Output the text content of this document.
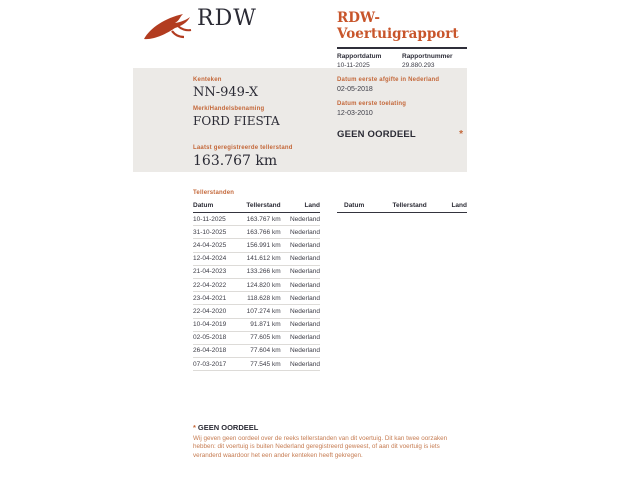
RDW	RDW-Voertuigrapport
Rapportdatum
10-11-2025
Rapportnummer
29.880.293
Kenteken
NN-949-X
Merk/Handelsbenaming
FORD FIESTA
Datum eerste afgifte in Nederland
02-05-2018
Datum eerste toelating
12-03-2010
GEEN OORDEEL	*
Laatst geregistreerde tellerstand
163.767 km
Tellerstanden
Datum	Tellerstand	Land
10-11-2025	163.767 km	Nederland
31-10-2025	163.766 km	Nederland
24-04-2025	156.991 km	Nederland
12-04-2024	141.612 km	Nederland
21-04-2023	133.266 km	Nederland
22-04-2022	124.820 km	Nederland
23-04-2021	118.628 km	Nederland
22-04-2020	107.274 km	Nederland
10-04-2019	91.871 km	Nederland
02-05-2018	77.605 km	Nederland
26-04-2018	77.604 km	Nederland
07-03-2017	77.545 km	Nederland
Datum	Tellerstand	Land
* GEEN OORDEEL
Wij geven geen oordeel over de reeks tellerstanden van dit voertuig. Dit kan twee oorzaken hebben: dit voertuig is buiten Nederland geregistreerd geweest, of aan dit voertuig is iets veranderd waardoor het een ander kenteken heeft gekregen.
